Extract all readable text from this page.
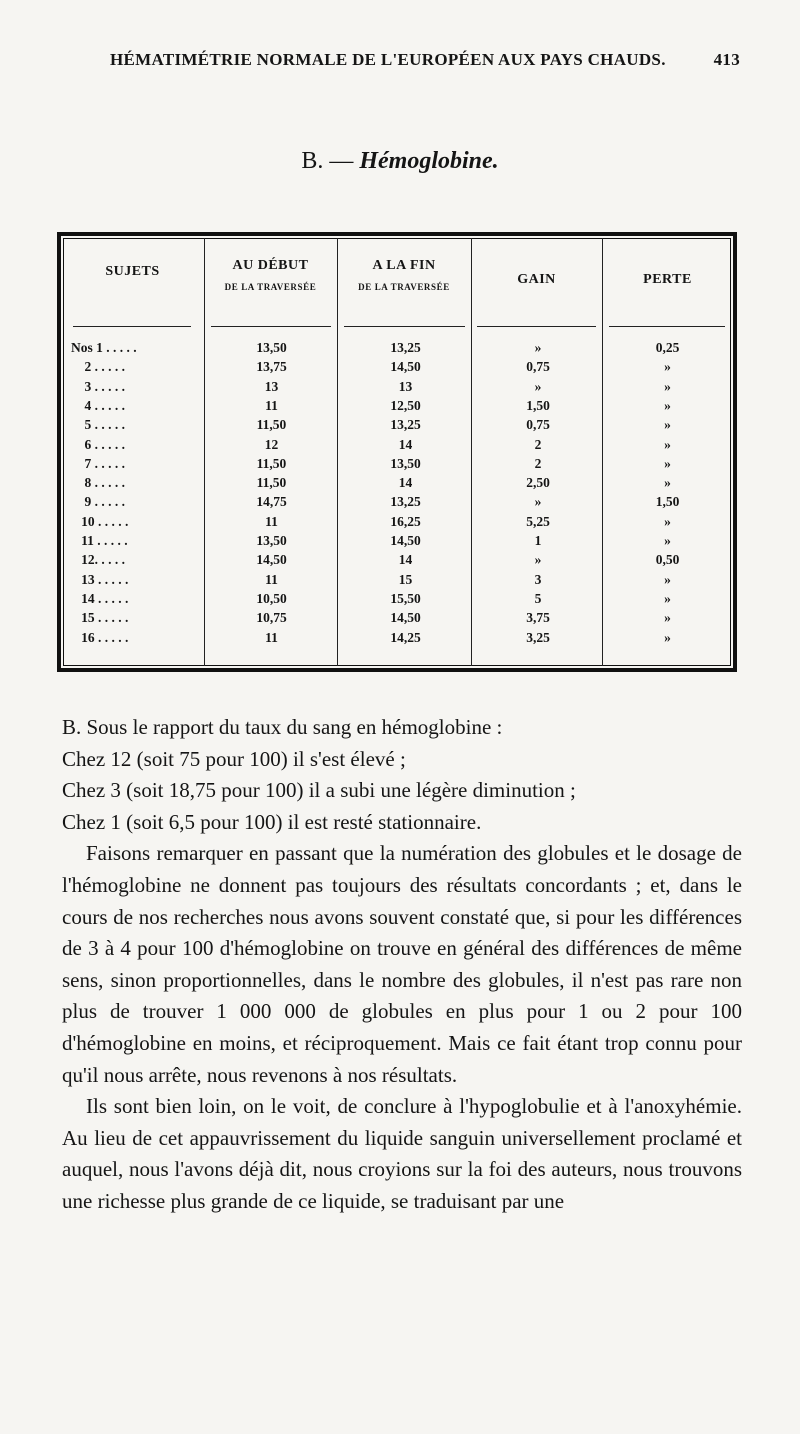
HÉMATIMÉTRIE NORMALE DE L'EUROPÉEN AUX PAYS CHAUDS.	413
B. — Hémoglobine.
SUJETS	AU DÉBUT
DE LA TRAVERSÉE
A LA FIN
DE LA TRAVERSÉE	GAIN	PERTE
Nos 1 . . . . .	13,50	13,25	»	0,25
2 . . . . .	13,75	14,50	0,75	»
3 . . . . .	13	13	»	»
4 . . . . .	11	12,50	1,50	»
5 . . . . .	11,50	13,25	0,75	»
6 . . . . .	12	14	2	»
7 . . . . .	11,50	13,50	2	»
8 . . . . .	11,50	14	2,50	»
9 . . . . .	14,75	13,25	»	1,50
10 . . . . .	11	16,25	5,25	»
11 . . . . .	13,50	14,50	1	»
12. . . . .	14,50	14	»	0,50
13 . . . . .	11	15	3	»
14 . . . . .	10,50	15,50	5	»
15 . . . . .	10,75	14,50	3,75	»
16 . . . . .	11	14,25	3,25	»

B. Sous le rapport du taux du sang en hémoglobine :

Chez 12 (soit 75 pour 100) il s'est élevé ;

Chez 3 (soit 18,75 pour 100) il a subi une légère diminution ;

Chez 1 (soit 6,5 pour 100) il est resté stationnaire.

Faisons remarquer en passant que la numération des globules et le dosage de l'hémoglobine ne donnent pas toujours des résultats concordants ; et, dans le cours de nos recherches nous avons souvent constaté que, si pour les différences de 3 à 4 pour 100 d'hémoglobine on trouve en général des différences de même sens, sinon proportionnelles, dans le nombre des globules, il n'est pas rare non plus de trouver 1 000 000 de globules en plus pour 1 ou 2 pour 100 d'hémoglobine en moins, et réciproquement. Mais ce fait étant trop connu pour qu'il nous arrête, nous revenons à nos résultats.

Ils sont bien loin, on le voit, de conclure à l'hypoglobulie et à l'anoxyhémie. Au lieu de cet appauvrissement du liquide sanguin universellement proclamé et auquel, nous l'avons déjà dit, nous croyions sur la foi des auteurs, nous trouvons une richesse plus grande de ce liquide, se traduisant par une
